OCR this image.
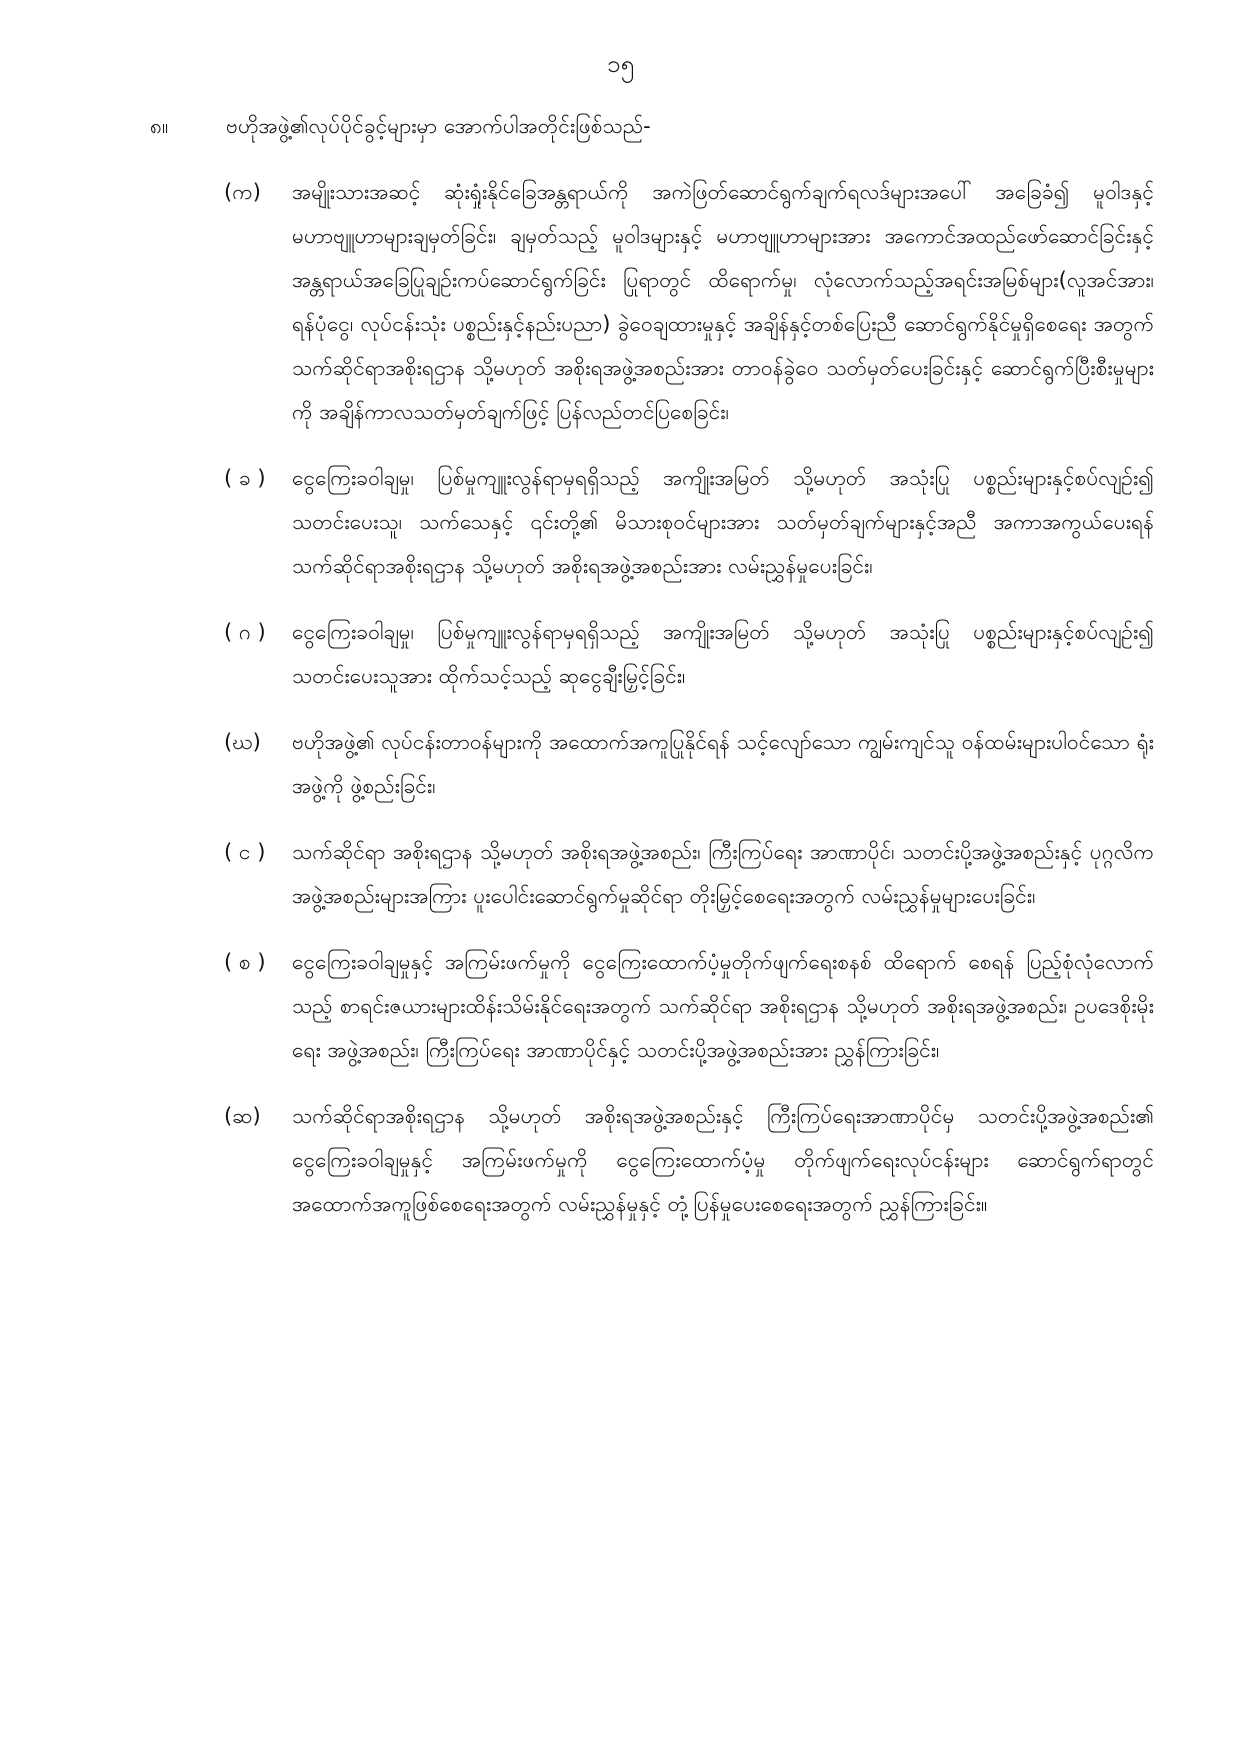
၁၅
၈။	ဗဟိုအဖွဲ့၏လုပ်ပိုင်ခွင့်များမှာ အောက်ပါအတိုင်းဖြစ်သည်-
(က)	အမျိုးသားအဆင့် ဆုံးရှုံးနိုင်ခြေအန္တရာယ်ကို အကဲဖြတ်ဆောင်ရွက်ချက်ရလဒ်များအပေါ် အခြေခံ၍ မူဝါဒနှင့်မဟာဗျူဟာများချမှတ်ခြင်း၊ ချမှတ်သည့် မူဝါဒများနှင့် မဟာဗျူဟာများအား အကောင်အထည်ဖော်ဆောင်ခြင်းနှင့် အန္တရာယ်အခြေပြုချဉ်းကပ်ဆောင်ရွက်ခြင်း ပြုရာတွင် ထိရောက်မှု၊ လုံလောက်သည့်အရင်းအမြစ်များ(လူအင်အား၊ ရန်ပုံငွေ၊ လုပ်ငန်းသုံး ပစ္စည်းနှင့်နည်းပညာ) ခွဲဝေချထားမှုနှင့် အချိန်နှင့်တစ်ပြေးညီ ဆောင်ရွက်နိုင်မှုရှိစေရေး အတွက် သက်ဆိုင်ရာအစိုးရဌာန သို့မဟုတ် အစိုးရအဖွဲ့အစည်းအား တာဝန်ခွဲဝေ သတ်မှတ်ပေးခြင်းနှင့် ဆောင်ရွက်ပြီးစီးမှုများကို အချိန်ကာလသတ်မှတ်ချက်ဖြင့် ပြန်လည်တင်ပြစေခြင်း၊
( ခ )	ငွေကြေးခဝါချမှု၊ ပြစ်မှုကျူးလွန်ရာမှရရှိသည့် အကျိုးအမြတ် သို့မဟုတ် အသုံးပြု ပစ္စည်းများနှင့်စပ်လျဉ်း၍ သတင်းပေးသူ၊ သက်သေနှင့် ၎င်းတို့၏ မိသားစုဝင်များအား သတ်မှတ်ချက်များနှင့်အညီ အကာအကွယ်ပေးရန် သက်ဆိုင်ရာအစိုးရဌာန သို့မဟုတ် အစိုးရအဖွဲ့အစည်းအား လမ်းညွှန်မှုပေးခြင်း၊
( ဂ )	ငွေကြေးခဝါချမှု၊ ပြစ်မှုကျူးလွန်ရာမှရရှိသည့် အကျိုးအမြတ် သို့မဟုတ် အသုံးပြု ပစ္စည်းများနှင့်စပ်လျဉ်း၍ သတင်းပေးသူအား ထိုက်သင့်သည့် ဆုငွေချီးမြှင့်ခြင်း၊
(ဃ)	ဗဟိုအဖွဲ့၏ လုပ်ငန်းတာဝန်များကို အထောက်အကူပြုနိုင်ရန် သင့်လျော်သော ကျွမ်းကျင်သူ ဝန်ထမ်းများပါဝင်သော ရုံးအဖွဲ့ကို ဖွဲ့စည်းခြင်း၊
( င )	သက်ဆိုင်ရာ အစိုးရဌာန သို့မဟုတ် အစိုးရအဖွဲ့အစည်း၊ ကြီးကြပ်ရေး အာဏာပိုင်၊ သတင်းပို့အဖွဲ့အစည်းနှင့် ပုဂ္ဂလိကအဖွဲ့အစည်းများအကြား ပူးပေါင်းဆောင်ရွက်မှုဆိုင်ရာ တိုးမြှင့်စေရေးအတွက် လမ်းညွှန်မှုများပေးခြင်း၊
( စ )	ငွေကြေးခဝါချမှုနှင့် အကြမ်းဖက်မှုကို ငွေကြေးထောက်ပံ့မှုတိုက်ဖျက်ရေးစနစ် ထိရောက် စေရန် ပြည့်စုံလုံလောက်သည့် စာရင်းဇယားများထိန်းသိမ်းနိုင်ရေးအတွက် သက်ဆိုင်ရာ အစိုးရဌာန သို့မဟုတ် အစိုးရအဖွဲ့အစည်း၊ ဥပဒေစိုးမိုးရေး အဖွဲ့အစည်း၊ ကြီးကြပ်ရေး အာဏာပိုင်နှင့် သတင်းပို့အဖွဲ့အစည်းအား ညွှန်ကြားခြင်း၊
(ဆ)	သက်ဆိုင်ရာအစိုးရဌာန သို့မဟုတ် အစိုးရအဖွဲ့အစည်းနှင့် ကြီးကြပ်ရေးအာဏာပိုင်မှ သတင်းပို့အဖွဲ့အစည်း၏ ငွေကြေးခဝါချမှုနှင့် အကြမ်းဖက်မှုကို ငွေကြေးထောက်ပံ့မှု တိုက်ဖျက်ရေးလုပ်ငန်းများ ဆောင်ရွက်ရာတွင် အထောက်အကူဖြစ်စေရေးအတွက် လမ်းညွှန်မှုနှင့် တုံ့ပြန်မှုပေးစေရေးအတွက် ညွှန်ကြားခြင်း။
